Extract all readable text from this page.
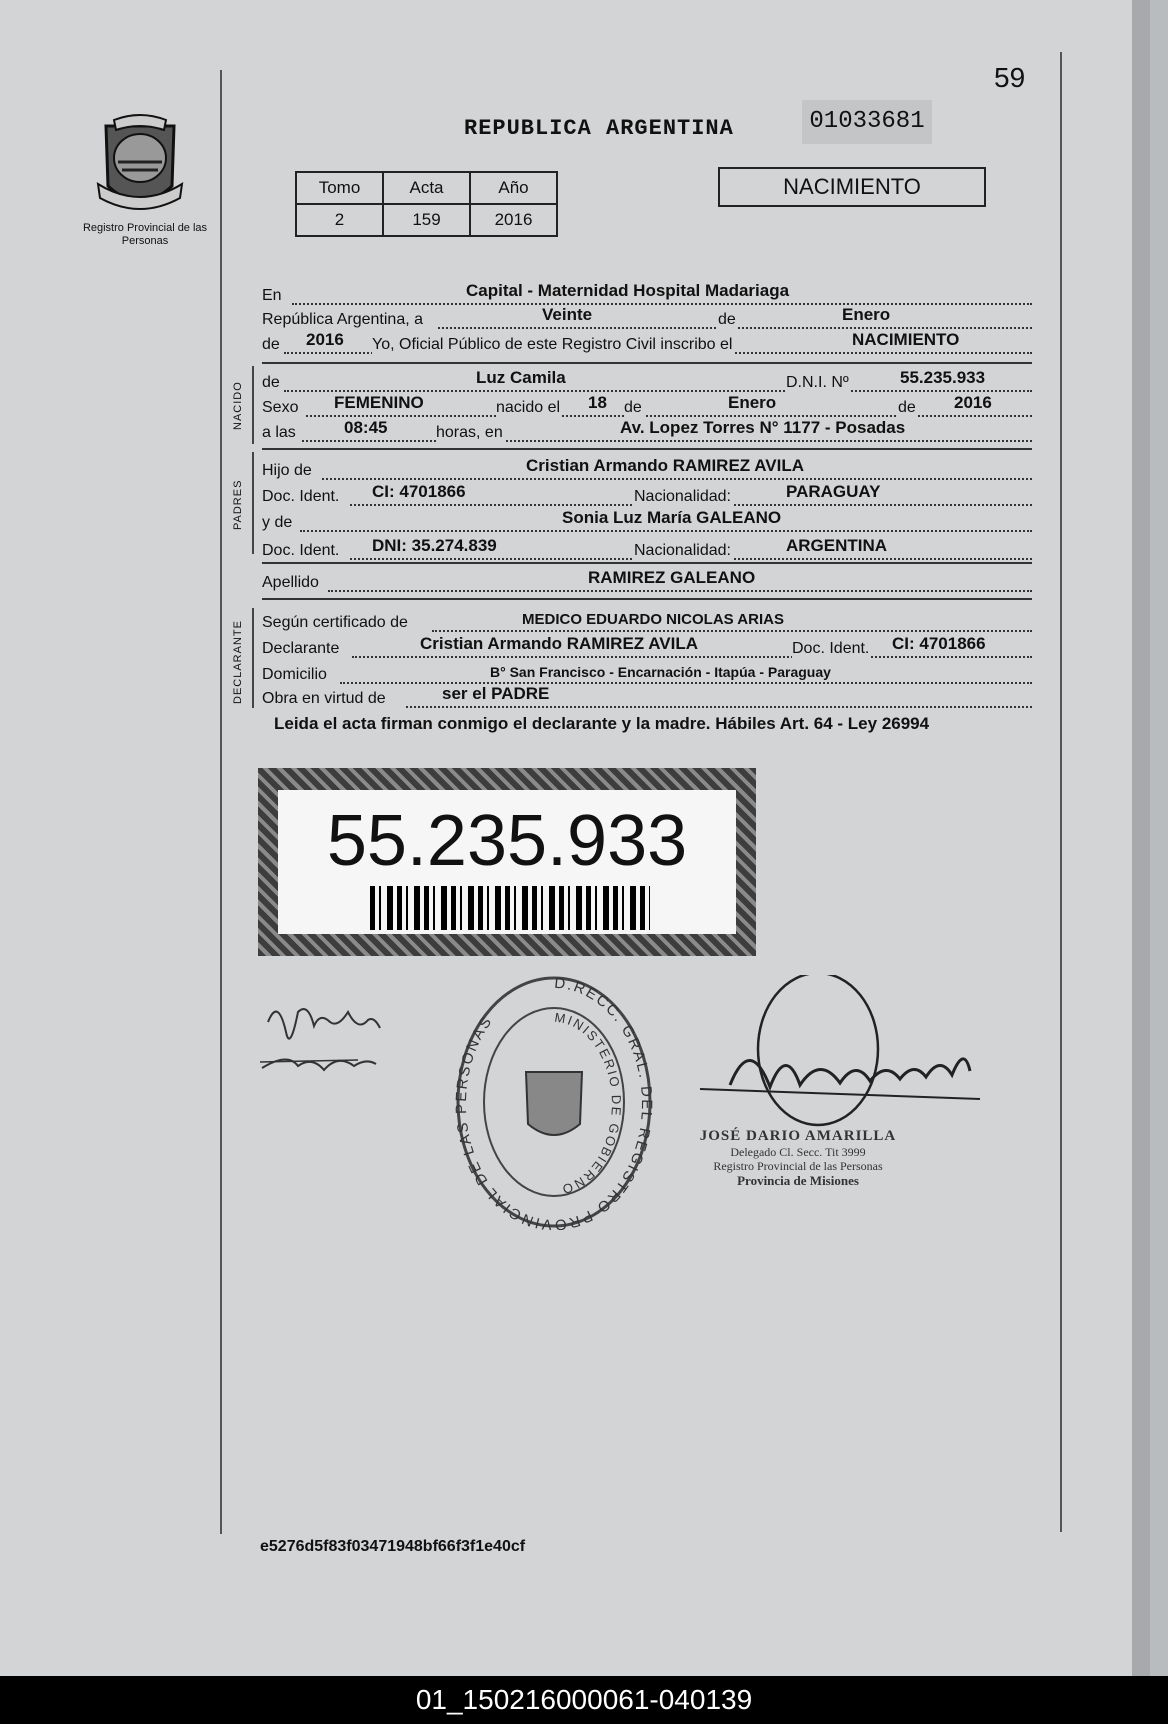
59
Registro Provincial de las Personas
REPUBLICA ARGENTINA	01033681
Tomo	Acta	Año
2	159	2016
NACIMIENTO
En	Capital - Maternidad Hospital Madariaga
República Argentina, a	Veinte	de	Enero
de 2016 Yo, Oficial Público de este Registro Civil inscribo el	NACIMIENTO
NACIDO de	Luz Camila	D.N.I. Nº	55.235.933
Sexo FEMENINO	nacido el 18 de	Enero	de 2016
a las	08:45	horas, en	Av. Lopez Torres N° 1177 - Posadas
PADRES
Hijo de	Cristian Armando RAMIREZ AVILA
Doc. Ident. CI: 4701866	Nacionalidad:	PARAGUAY
y de	Sonia Luz María GALEANO
Doc. Ident. DNI: 35.274.839	Nacionalidad:	ARGENTINA
Apellido	RAMIREZ GALEANO
DECLARANTE Según certificado de	MEDICO EDUARDO NICOLAS ARIAS
Declarante	Cristian Armando RAMIREZ AVILA	Doc. Ident. CI: 4701866
Domicilio	B° San Francisco - Encarnación - Itapúa - Paraguay
Obra en virtud de	ser el PADRE
Leida el acta firman conmigo el declarante y la madre. Hábiles Art. 64 - Ley 26994
55.235.933
D.RECC. GRAL. DEL REGISTRO PROVINCIAL DE LAS PERSONAS	MINISTERIO DE GOBIERNO
JOSÉ DARIO AMARILLA
Delegado Cl. Secc. Tit 3999
Registro Provincial de las Personas
Provincia de Misiones
e5276d5f83f03471948bf66f3f1e40cf
01_150216000061-040139
